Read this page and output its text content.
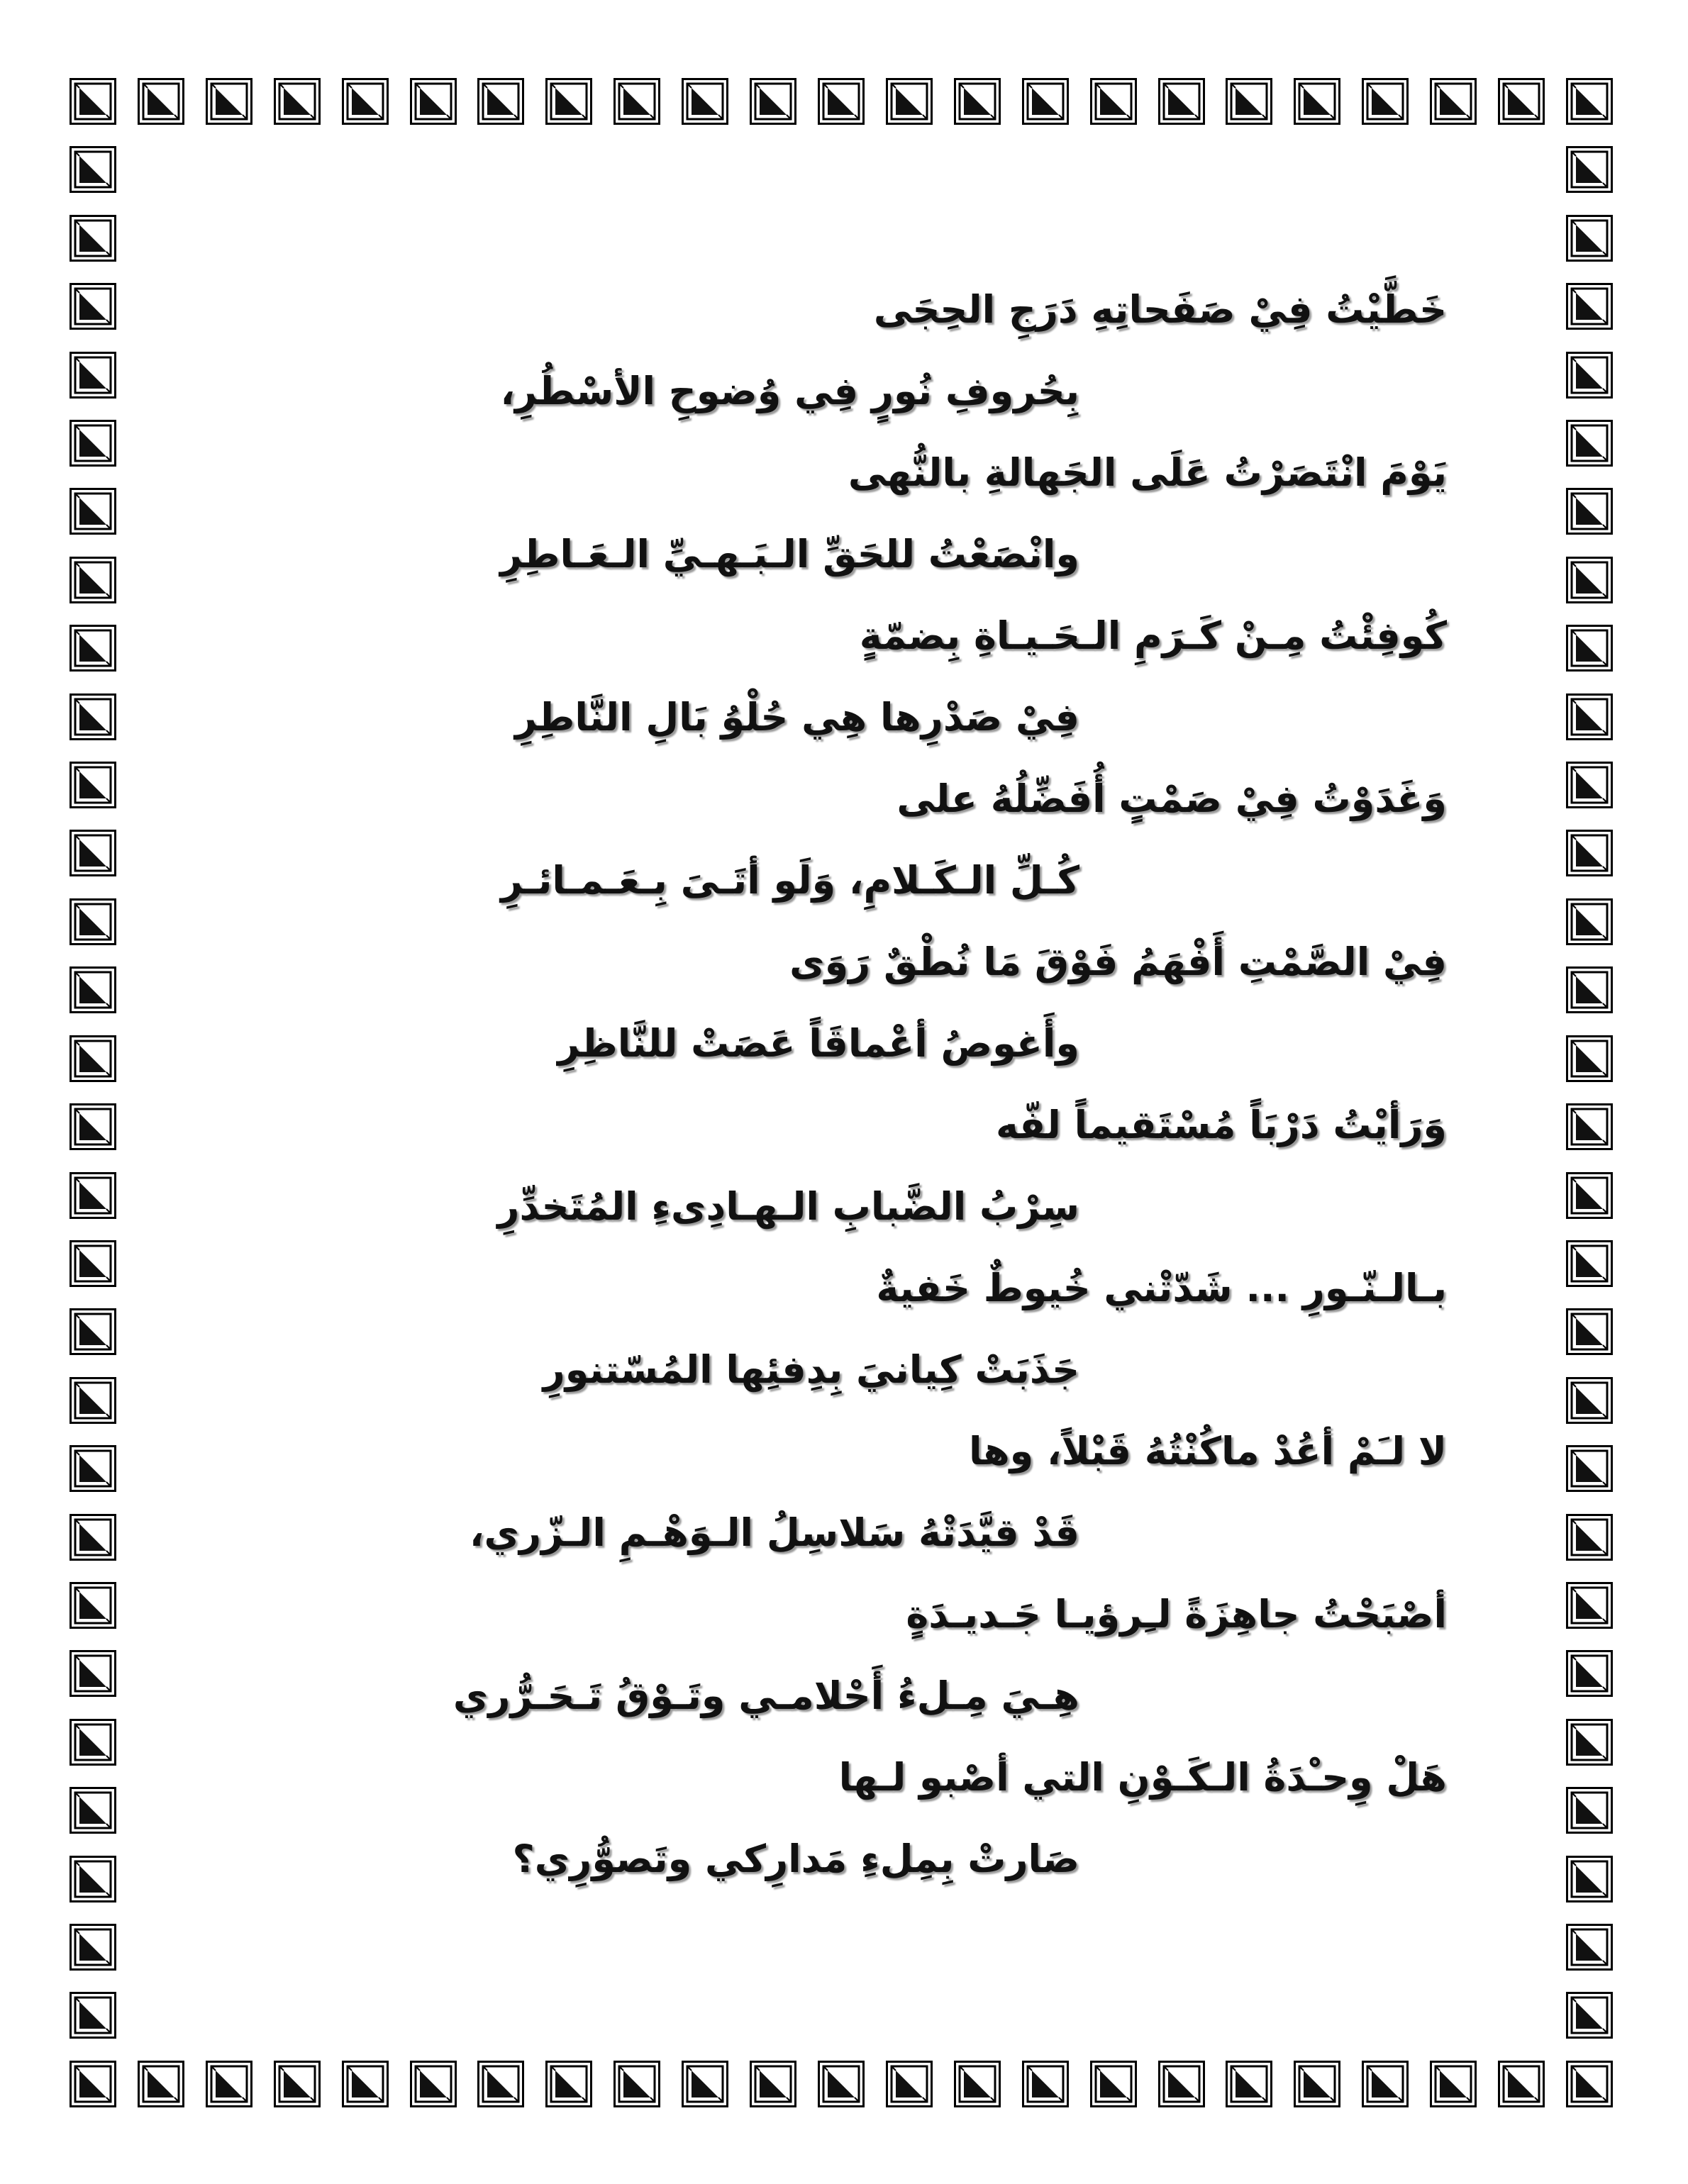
خَطَّيْتُ فِيْ صَفَحاتِهِ دَرَجِ الحِجَى
بِحُروفِ نُورٍ فِي وُضوحِ الأسْطُرِ،
يَوْمَ انْتَصَرْتُ عَلَى الجَهالةِ بالنُّهى
وانْصَعْتُ للحَقِّ الـبَـهـيِّ الـعَـاطِرِ
كُوفِئْتُ مِـنْ كَـرَمِ الـحَـيـاةِ بِضمّةٍ
فِيْ صَدْرِها هِي حُلْوُ بَالِ النَّاطِرِ
وَغَدَوْتُ فِيْ صَمْتٍ أُفَضِّلُهُ على
كُـلِّ الـكَـلامِ، وَلَو أتَـىَ بِـعَـمـائـرِ
فِيْ الصَّمْتِ أَفْهَمُ فَوْقَ مَا نُطْقٌ رَوَى
وأَغوصُ أعْماقَاً عَصَتْ للنَّاظِرِ
وَرَأيْتُ دَرْبَاً مُسْتَقيماً لفّه
سِرْبُ الضَّبابِ الـهـادِىءِ المُتَخدِّرِ
بـالـنّـورِ ... شَدّتْني خُيوطٌ خَفيةٌ
جَذَبَتْ كِيانيَ بِدِفئِها المُسّتنورِ
لا لـَمْ أعُدْ ماكُنْتُهُ قَبْلاً، وها
قَدْ قيَّدَتْهُ سَلاسِلُ الـوَهْـمِ الـزّري،
أصْبَحْتُ جاهِزَةً لـِرؤيـا جَـديـدَةٍ
هِـيَ مِـلءُ أَحْلامـي وتَـوْقُ تَـحَـرُّري
هَلْ وِحـْدَةُ الـكَـوْنِ التي أصْبو لـها
صَارتْ بِمِلءِ مَدارِكي وتَصوُّرِي؟
